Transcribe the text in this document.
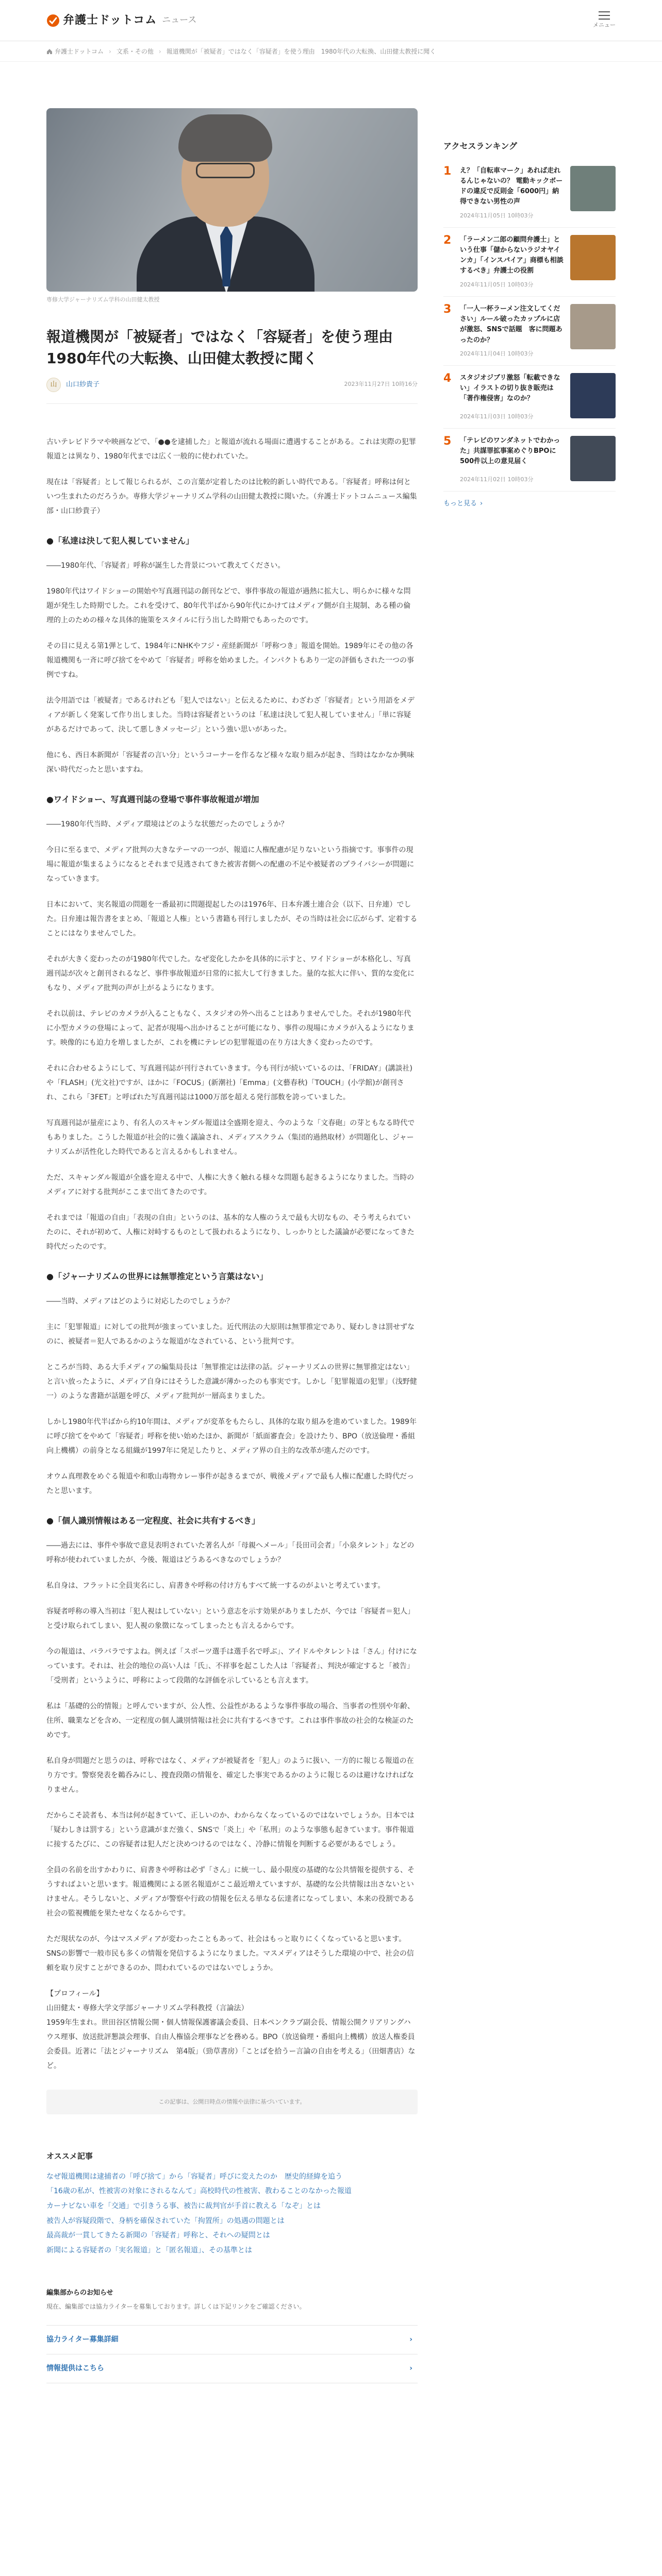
弁護士ドットコム ニュース	メニュー
弁護士ドットコム › 文系・その他 › 報道機関が「被疑者」ではなく「容疑者」を使う理由　1980年代の大転換、山田健太教授に聞く

専修大学ジャーナリズム学科の山田健太教授

報道機関が「被疑者」ではなく「容疑者」を使う理由　1980年代の大転換、山田健太教授に聞く
山	山口紗貴子	2023年11月27日 10時16分

古いテレビドラマや映画などで、「●●を逮捕した」と報道が流れる場面に遭遇することがある。これは実際の犯罪報道とは異なり、1980年代までは広く一般的に使われていた。

現在は「容疑者」として報じられるが、この言葉が定着したのは比較的新しい時代である。「容疑者」呼称は何といつ生まれたのだろうか。専修大学ジャーナリズム学科の山田健太教授に聞いた。（弁護士ドットコムニュース編集部・山口紗貴子）

●「私達は決して犯人視していません」

――1980年代、「容疑者」呼称が誕生した背景について教えてください。

1980年代はワイドショーの開始や写真週刊誌の創刊などで、事件事故の報道が過熱に拡大し、明らかに様々な問題が発生した時期でした。これを受けて、80年代半ばから90年代にかけてはメディア側が自主規制、ある種の倫理的上のための様々な具体的施策をスタイルに行う出した時期でもあったのです。

その目に見える第1弾として、1984年にNHKやフジ・産経新聞が「呼称つき」報道を開始。1989年にその他の各報道機関も一斉に呼び捨てをやめて「容疑者」呼称を始めました。インパクトもあり一定の評価もされた一つの事例ですね。

法令用語では「被疑者」であるけれども「犯人ではない」と伝えるために、わざわざ「容疑者」という用語をメディアが新しく発案して作り出しました。当時は容疑者というのは「私達は決して犯人視していません」「単に容疑があるだけであって、決して悪しきメッセージ」という強い思いがあった。

他にも、西日本新聞が「容疑者の言い分」というコーナーを作るなど様々な取り組みが起き、当時はなかなか興味深い時代だったと思いますね。

●ワイドショー、写真週刊誌の登場で事件事故報道が増加

――1980年代当時、メディア環境はどのような状態だったのでしょうか？

今日に至るまで、メディア批判の大きなテーマの一つが、報道に人権配慮が足りないという指摘です。事事件の現場に報道が集まるようになるとそれまで見逃されてきた被害者側への配慮の不足や被疑者のプライバシーが問題になっていきます。

日本において、実名報道の問題を一番最初に問題提起したのは1976年、日本弁護士連合会（以下、日弁連）でした。日弁連は報告書をまとめ、「報道と人権」という書籍も刊行しましたが、その当時は社会に広がらず、定着することにはなりませんでした。

それが大きく変わったのが1980年代でした。なぜ変化したかを具体的に示すと、ワイドショーが本格化し、写真週刊誌が次々と創刊されるなど、事件事故報道が日常的に拡大して行きました。量的な拡大に伴い、質的な変化にもなり、メディア批判の声が上がるようになります。

それ以前は、テレビのカメラが入ることもなく、スタジオの外へ出ることはありませんでした。それが1980年代に小型カメラの登場によって、記者が現場へ出かけることが可能になり、事件の現場にカメラが入るようになります。映像的にも迫力を増しましたが、これを機にテレビの犯罪報道の在り方は大きく変わったのです。

それに合わせるようにして、写真週刊誌が刊行されていきます。今も刊行が続いているのは、「FRIDAY」(講談社)や「FLASH」(光文社)ですが、ほかに「FOCUS」(新潮社)「Emma」(文藝春秋)「TOUCH」(小学館)が創刊され、これら「3FET」と呼ばれた写真週刊誌は1000万部を超える発行部数を誇っていました。

写真週刊誌が量産により、有名人のスキャンダル報道は全盛期を迎え、今のような「文春砲」の芽ともなる時代でもありました。こうした報道が社会的に強く議論され、メディアスクラム（集団的過熱取材）が問題化し、ジャーナリズムが活性化した時代であると言えるかもしれません。

ただ、スキャンダル報道が全盛を迎える中で、人権に大きく触れる様々な問題も起きるようになりました。当時のメディアに対する批判がここまで出てきたのです。

それまでは「報道の自由」「表現の自由」というのは、基本的な人権のうえで最も大切なもの、そう考えられていたのに、それが初めて、人権に対峙するものとして扱われるようになり、しっかりとした議論が必要になってきた時代だったのです。

●「ジャーナリズムの世界には無罪推定という言葉はない」

――当時、メディアはどのように対応したのでしょうか？

主に「犯罪報道」に対しての批判が強まっていました。近代刑法の大原則は無罪推定であり、疑わしきは罰せずなのに、被疑者＝犯人であるかのような報道がなされている、という批判です。

ところが当時、ある大手メディアの編集局長は「無罪推定は法律の話。ジャーナリズムの世界に無罪推定はない」と言い放ったように、メディア自身にはそうした意識が薄かったのも事実です。しかし「犯罪報道の犯罪」（浅野健一）のような書籍が話題を呼び、メディア批判が一層高まりました。

しかし1980年代半ばから約10年間は、メディアが変革をもたらし、具体的な取り組みを進めていました。1989年に呼び捨てをやめて「容疑者」呼称を使い始めたほか、新聞が「紙面審査会」を設けたり、BPO（放送倫理・番組向上機構）の前身となる組織が1997年に発足したりと、メディア界の自主的な改革が進んだのです。

オウム真理教をめぐる報道や和歌山毒物カレー事件が起きるまでが、戦後メディアで最も人権に配慮した時代だったと思います。

●「個人識別情報はある一定程度、社会に共有するべき」

――過去には、事件や事故で意見表明されていた著名人が「母親へメール」「長田司会者」「小泉タレント」などの呼称が使われていましたが、今後、報道はどうあるべきなのでしょうか？

私自身は、フラットに全員実名にし、肩書きや呼称の付け方もすべて統一するのがよいと考えています。

容疑者呼称の導入当初は「犯人視はしていない」という意志を示す効果がありましたが、今では「容疑者＝犯人」と受け取られてしまい、犯人視の象徴になってしまったとも言えるからです。

今の報道は、バラバラですよね。例えば「スポーツ選手は選手名で呼ぶ」、アイドルやタレントは「さん」付けになっています。それは、社会的地位の高い人は「氏」、不祥事を起こした人は「容疑者」、判決が確定すると「被告」「受刑者」というように、呼称によって段階的な評価を示しているとも言えます。

私は「基礎的公的情報」と呼んでいますが、公人性、公益性があるような事件事故の場合、当事者の性別や年齢、住所、職業などを含め、一定程度の個人識別情報は社会に共有するべきです。これは事件事故の社会的な検証のためです。

私自身が問題だと思うのは、呼称ではなく、メディアが被疑者を「犯人」のように扱い、一方的に報じる報道の在り方です。警察発表を鵜呑みにし、捜査段階の情報を、確定した事実であるかのように報じるのは避けなければなりません。

だからこそ読者も、本当は何が起きていて、正しいのか、わからなくなっているのではないでしょうか。日本では「疑わしきは罰する」という意識がまだ強く、SNSで「炎上」や「私刑」のような事態も起きています。事件報道に接するたびに、この容疑者は犯人だと決めつけるのではなく、冷静に情報を判断する必要があるでしょう。

全員の名前を出すかわりに、肩書きや呼称は必ず「さん」に統一し、最小限度の基礎的な公共情報を提供する、そうすればよいと思います。報道機関による匿名報道がここ最近増えていますが、基礎的な公共情報は出さないといけません。そうしないと、メディアが警察や行政の情報を伝える単なる伝達者になってしまい、本来の役割である社会の監視機能を果たせなくなるからです。

ただ現状なのが、今はマスメディアが変わったこともあって、社会はもっと取りにくくなっていると思います。SNSの影響で一般市民も多くの情報を発信するようになりました。マスメディアはそうした環境の中で、社会の信頼を取り戻すことができるのか、問われているのではないでしょうか。

【プロフィール】

山田健太・専修大学文学部ジャーナリズム学科教授（言論法）

1959年生まれ。世田谷区情報公開・個人情報保護審議会委員、日本ペンクラブ副会長、情報公開クリアリングハウス理事、放送批評懇談会理事、自由人権協会理事などを務める。BPO（放送倫理・番組向上機構）放送人権委員会委員。近著に「法とジャーナリズム　第4版」（勁草書房）「ことばを拾うー言論の自由を考える」（田畑書店）など。

この記事は、公開日時点の情報や法律に基づいています。
オススメ記事
なぜ報道機関は逮捕者の「呼び捨て」から「容疑者」呼びに変えたのか　歴史的経緯を追う
「16歳の私が、性被害の対象にされるなんて」高校時代の性被害、教わることのなかった報道
カーナビない車を「交通」で引きうる事、被告に裁判官が手首に教える「なぞ」とは
被告人が容疑段階で、身柄を確保されていた「拘置所」の処遇の問題とは
最高裁が一貫してきたる新聞の「容疑者」呼称と、それへの疑問とは
新聞による容疑者の「実名報道」と「匿名報道」、その基準とは
編集部からのお知らせ

現在、編集部では協力ライターを募集しております。詳しくは下記リンクをご確認ください。

協力ライター募集詳細	›
情報提供はこちら	›
アクセスランキング
1	え？「自転車マーク」あれば走れるんじゃないの？ 電動キックボードの違反で反則金「6000円」納得できない男性の声
2024年11月05日 10時03分
2	「ラーメン二郎の顧問弁護士」という仕事「儲からないラジオヤインカ」「インスパイア」商標も相談するべき」弁護士の役割
2024年11月05日 10時03分
3	「一人一杯ラーメン注文してください」ルール破ったカップルに店が激怒、SNSで話題　客に問題あったのか？
2024年11月04日 10時03分
4	スタジオジブリ激怒「転載できない」イラストの切り抜き販売は「著作権侵害」なのか？
2024年11月03日 10時03分
5	「テレビのワンダネットでわかった」共謀罪拡事案めぐりBPOに500件以上の意見届く
2024年11月02日 10時03分
もっと見る ›
